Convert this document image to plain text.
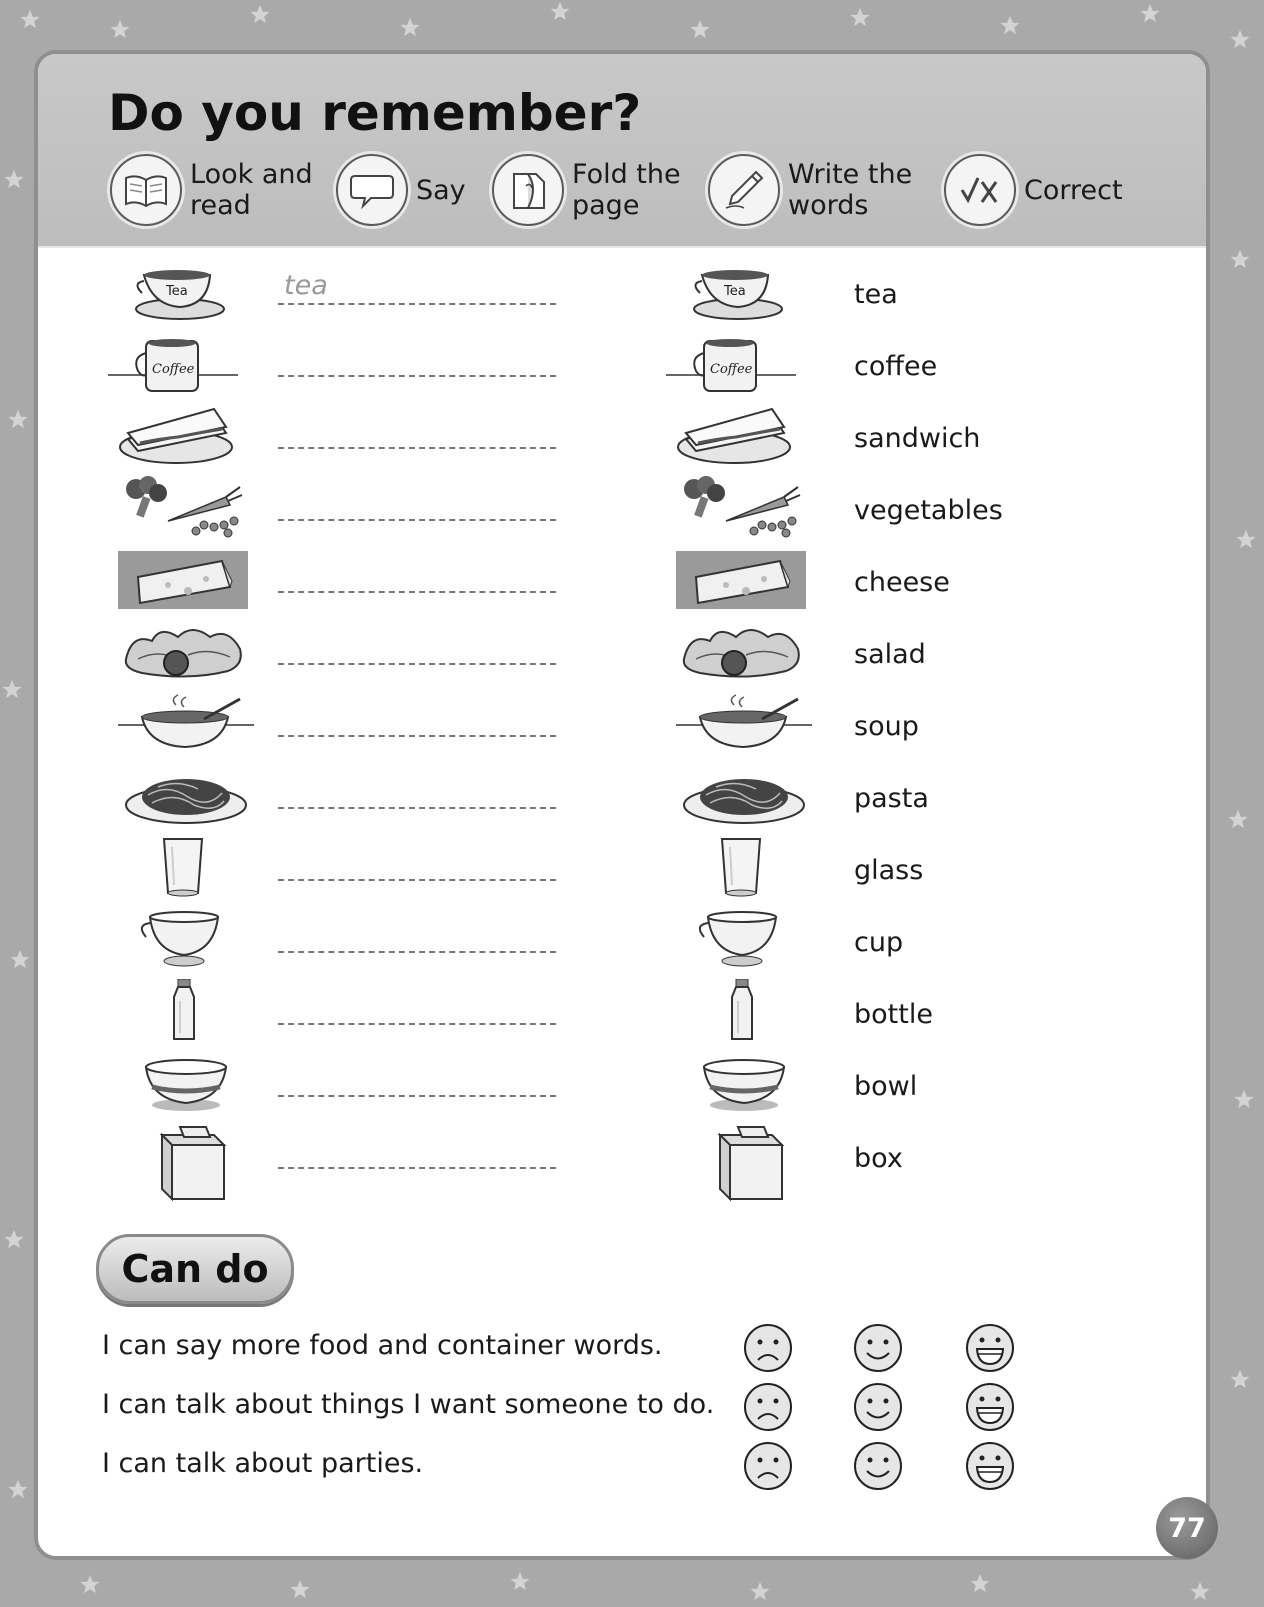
Do you remember?
Look and
read	Say	Fold the
page
Write the
words	Correct
Tea	tea	Tea	tea
Coffee	Coffee	coffee
sandwich
vegetables
cheese
salad
soup
pasta
glass
cup
bottle
bowl
box
Can do
I can say more food and container words.
I can talk about things I want someone to do.
I can talk about parties.
77
